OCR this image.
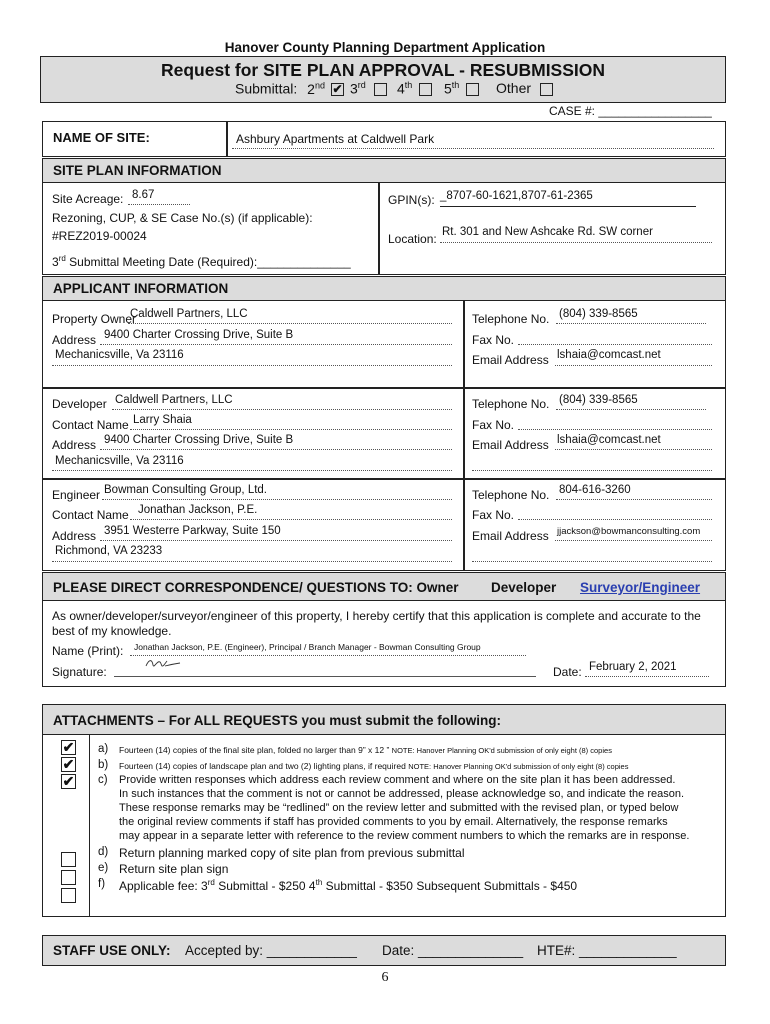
Hanover County Planning Department Application
Request for SITE PLAN APPROVAL - RESUBMISSION
Submittal: 2nd ✔ 3rd 4th 5th	Other
CASE #: _________________
NAME OF SITE:	Ashbury Apartments at Caldwell Park
SITE PLAN INFORMATION
Site Acreage: 8.67
Rezoning, CUP, & SE Case No.(s) (if applicable):
#REZ2019-00024
3rd Submittal Meeting Date (Required):______________
GPIN(s): _8707-60-1621,8707-61-2365
Location: Rt. 301 and New Ashcake Rd. SW corner
APPLICANT INFORMATION
Property Owner
Caldwell Partners, LLC
Address 9400 Charter Crossing Drive, Suite B
Mechanicsville, Va 23116
Telephone No. (804) 339-8565
Fax No.
Email Address lshaia@comcast.net
Developer Caldwell Partners, LLC
Contact Name Larry Shaia
Address 9400 Charter Crossing Drive, Suite B
Mechanicsville, Va 23116
Telephone No. (804) 339-8565
Fax No.
Email Address lshaia@comcast.net
Engineer Bowman Consulting Group, Ltd.
Contact Name Jonathan Jackson, P.E.
Address 3951 Westerre Parkway, Suite 150
Richmond, VA 23233
Telephone No. 804-616-3260
Fax No.
Email Address jjackson@bowmanconsulting.com
PLEASE DIRECT CORRESPONDENCE/ QUESTIONS TO: Owner Developer Surveyor/Engineer
As owner/developer/surveyor/engineer of this property, I hereby certify that this application is complete and accurate to the
best of my knowledge.
Name (Print): Jonathan Jackson, P.E. (Engineer), Principal / Branch Manager - Bowman Consulting Group
Signature:	Date: February 2, 2021
ATTACHMENTS – For ALL REQUESTS you must submit the following:
✔
✔
✔
a) Fourteen (14) copies of the final site plan, folded no larger than 9” x 12 ” NOTE: Hanover Planning OK'd submission of only eight (8) copies
b) Fourteen (14) copies of landscape plan and two (2) lighting plans, if required NOTE: Hanover Planning OK'd submission of only eight (8) copies
c) Provide written responses which address each review comment and where on the site plan it has been addressed.
In such instances that the comment is not or cannot be addressed, please acknowledge so, and indicate the reason.
These response remarks may be “redlined” on the review letter and submitted with the revised plan, or typed below
the original review comments if staff has provided comments to you by email. Alternatively, the response remarks
may appear in a separate letter with reference to the review comment numbers to which the remarks are in response.
d) Return planning marked copy of site plan from previous submittal
e) Return site plan sign
f) Applicable fee: 3rd Submittal - $250 4th Submittal - $350 Subsequent Submittals - $450
STAFF USE ONLY: Accepted by: ____________ Date: ______________ HTE#: _____________
6
